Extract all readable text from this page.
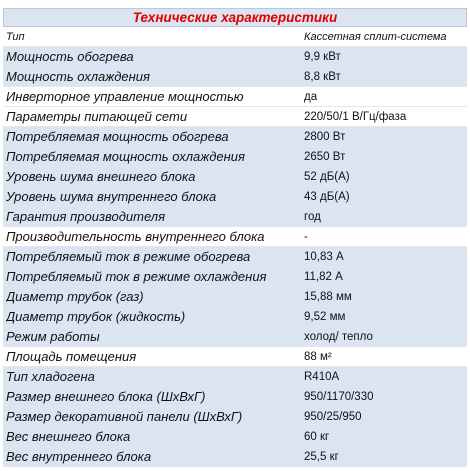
Технические характеристики
Тип	Кассетная сплит-система
Мощность обогрева	9,9 кВт
Мощность охлаждения	8,8 кВт
Инверторное управление мощностью	да
Параметры питающей сети	220/50/1 В/Гц/фаза
Потребляемая мощность обогрева	2800 Вт
Потребляемая мощность охлаждения	2650 Вт
Уровень шума внешнего блока	52 дБ(А)
Уровень шума внутреннего блока	43 дБ(А)
Гарантия производителя	год
Производительность внутреннего блока	-
Потребляемый ток в режиме обогрева	10,83 А
Потребляемый ток в режиме охлаждения	11,82 А
Диаметр трубок (газ)	15,88 мм
Диаметр трубок (жидкость)	9,52 мм
Режим работы	холод/ тепло
Площадь помещения	88 м²
Тип хладогена	R410A
Размер внешнего блока (ШхВхГ)	950/1170/330
Размер декоративной панели (ШхВхГ)	950/25/950
Вес внешнего блока	60 кг
Вес внутреннего блока	25,5 кг
